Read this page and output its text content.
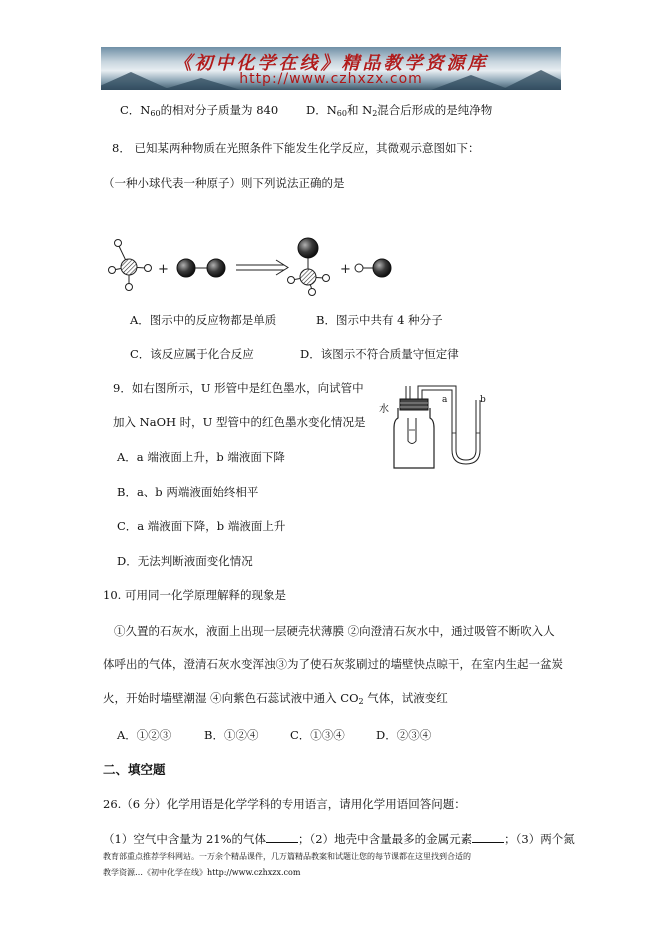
《初中化学在线》精品教学资源库
http://www.czhxzx.com
C．$N_{60}$的相对分子质量为 840 D．$N_{60}$和 $N_2$混合后形成的是纯净物
8． 已知某两种物质在光照条件下能发生化学反应，其微观示意图如下：
（一种小球代表一种原子）则下列说法正确的是
+	+
A．图示中的反应物都是单质	B．图示中共有 4 种分子
C．该反应属于化合反应	D．该图示不符合质量守恒定律
9．如右图所示，U 形管中是红色墨水，向试管中
加入 NaOH 时，U 型管中的红色墨水变化情况是
水
a	b
A．a 端液面上升，b 端液面下降
B．a、b 两端液面始终相平
C．a 端液面下降，b 端液面上升
D．无法判断液面变化情况
10. 可用同一化学原理解释的现象是
①久置的石灰水，液面上出现一层硬壳状薄膜 ②向澄清石灰水中，通过吸管不断吹入人
体呼出的气体，澄清石灰水变浑浊③为了使石灰浆刷过的墙壁快点晾干，在室内生起一盆炭
火，开始时墙壁潮湿 ④向紫色石蕊试液中通入 $CO_2$ 气体，试液变红
A．①②③	B．①②④	C．①③④	D．②③④
二、填空题
26.（6 分）化学用语是化学学科的专用语言，请用化学用语回答问题：
（1）空气中含量为 21%的气体	；（2）地壳中含量最多的金属元素	；（3）两个氮
教育部重点推荐学科网站。一万余个精品课件，几万篇精品教案和试题让您的每节课都在这里找到合适的
教学资源…《初中化学在线》http://www.czhxzx.com
